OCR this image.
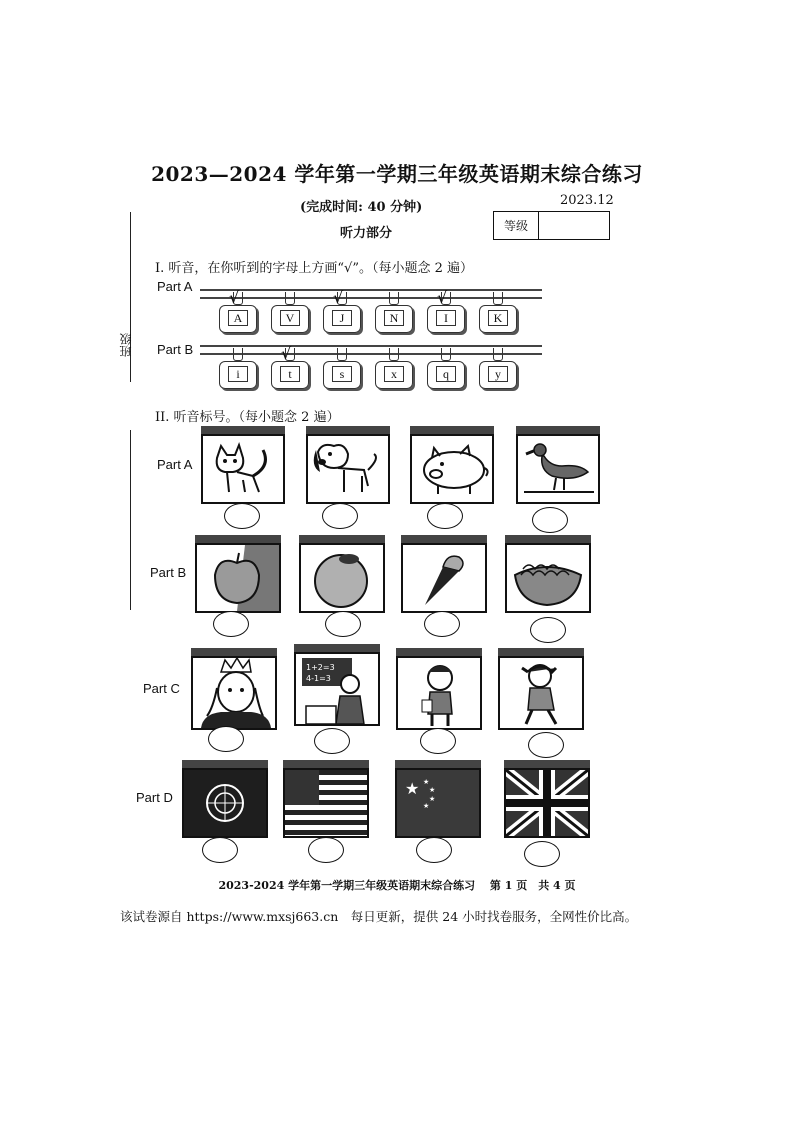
2023—2024 学年第一学期三年级英语期末综合练习
(完成时间: 40 分钟)	2023.12
等级
听力部分
班级
I. 听音，在你听到的字母上方画“√”。（每小题念 2 遍）
Part A
A
√
V	J
√
N	I
√
K
Part B
i	t
√
s	x	q	y
II. 听音标号。（每小题念 2 遍）
Part A
Part B
Part C
Part D
1+2=3
4-1=3
★ ★
★
★
★
2023-2024 学年第一学期三年级英语期末综合练习　 第 1 页　共 4 页
该试卷源自 https://www.mxsj663.cn　每日更新，提供 24 小时找卷服务，全网性价比高。
